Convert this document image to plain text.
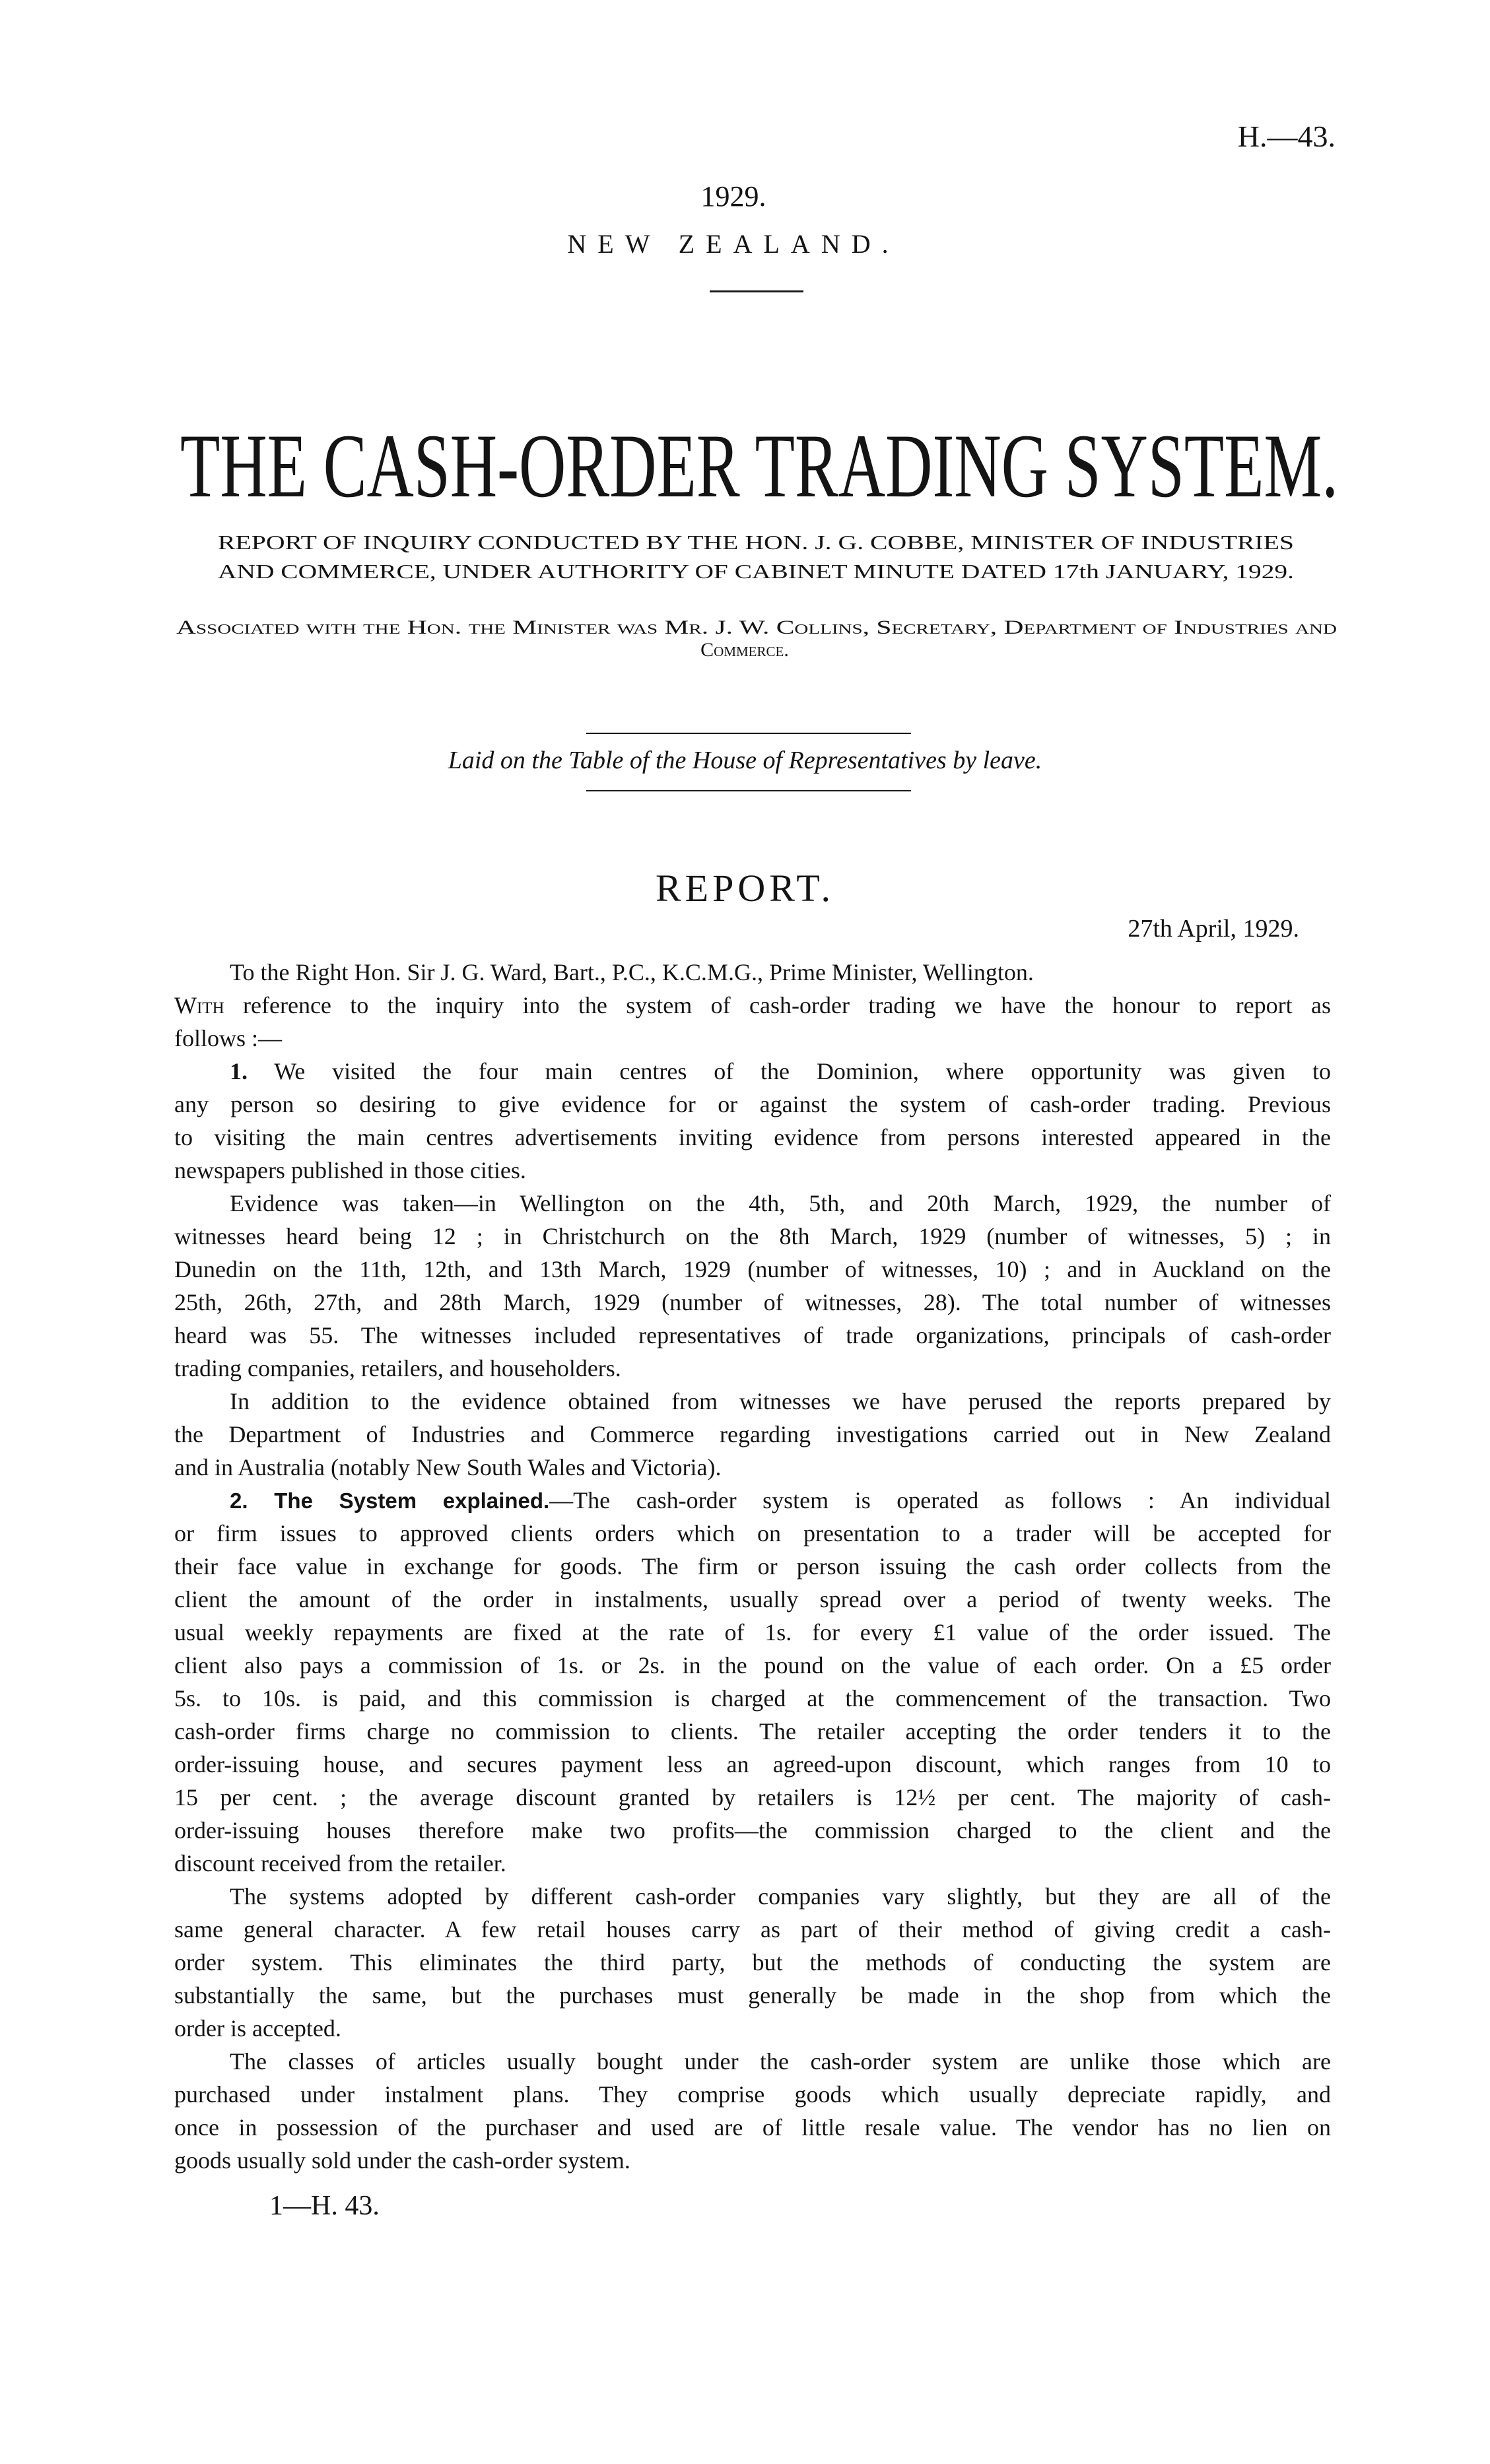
H.—43.
1929.
NEW ZEALAND.
THE CASH-ORDER TRADING SYSTEM.
REPORT OF INQUIRY CONDUCTED BY THE HON. J. G. COBBE, MINISTER OF INDUSTRIES
AND COMMERCE, UNDER AUTHORITY OF CABINET MINUTE DATED 17th JANUARY, 1929.
Associated with the Hon. the Minister was Mr. J. W. Collins, Secretary, Department of Industries and
Commerce.
Laid on the Table of the House of Representatives by leave.
REPORT.
27th April, 1929.
To the Right Hon. Sir J. G. Ward, Bart., P.C., K.C.M.G., Prime Minister, Wellington.
With reference to the inquiry into the system of cash-order trading we have the honour to report as
follows :—
1. We visited the four main centres of the Dominion, where opportunity was given to
any person so desiring to give evidence for or against the system of cash-order trading. Previous
to visiting the main centres advertisements inviting evidence from persons interested appeared in the
newspapers published in those cities.
Evidence was taken—in Wellington on the 4th, 5th, and 20th March, 1929, the number of
witnesses heard being 12 ; in Christchurch on the 8th March, 1929 (number of witnesses, 5) ; in
Dunedin on the 11th, 12th, and 13th March, 1929 (number of witnesses, 10) ; and in Auckland on the
25th, 26th, 27th, and 28th March, 1929 (number of witnesses, 28). The total number of witnesses
heard was 55. The witnesses included representatives of trade organizations, principals of cash-order
trading companies, retailers, and householders.
In addition to the evidence obtained from witnesses we have perused the reports prepared by
the Department of Industries and Commerce regarding investigations carried out in New Zealand
and in Australia (notably New South Wales and Victoria).
2. The System explained.—The cash-order system is operated as follows : An individual
or firm issues to approved clients orders which on presentation to a trader will be accepted for
their face value in exchange for goods. The firm or person issuing the cash order collects from the
client the amount of the order in instalments, usually spread over a period of twenty weeks. The
usual weekly repayments are fixed at the rate of 1s. for every £1 value of the order issued. The
client also pays a commission of 1s. or 2s. in the pound on the value of each order. On a £5 order
5s. to 10s. is paid, and this commission is charged at the commencement of the transaction. Two
cash-order firms charge no commission to clients. The retailer accepting the order tenders it to the
order-issuing house, and secures payment less an agreed-upon discount, which ranges from 10 to
15 per cent. ; the average discount granted by retailers is 12½ per cent. The majority of cash-
order-issuing houses therefore make two profits—the commission charged to the client and the
discount received from the retailer.
The systems adopted by different cash-order companies vary slightly, but they are all of the
same general character. A few retail houses carry as part of their method of giving credit a cash-
order system. This eliminates the third party, but the methods of conducting the system are
substantially the same, but the purchases must generally be made in the shop from which the
order is accepted.
The classes of articles usually bought under the cash-order system are unlike those which are
purchased under instalment plans. They comprise goods which usually depreciate rapidly, and
once in possession of the purchaser and used are of little resale value. The vendor has no lien on
goods usually sold under the cash-order system.
1—H. 43.
